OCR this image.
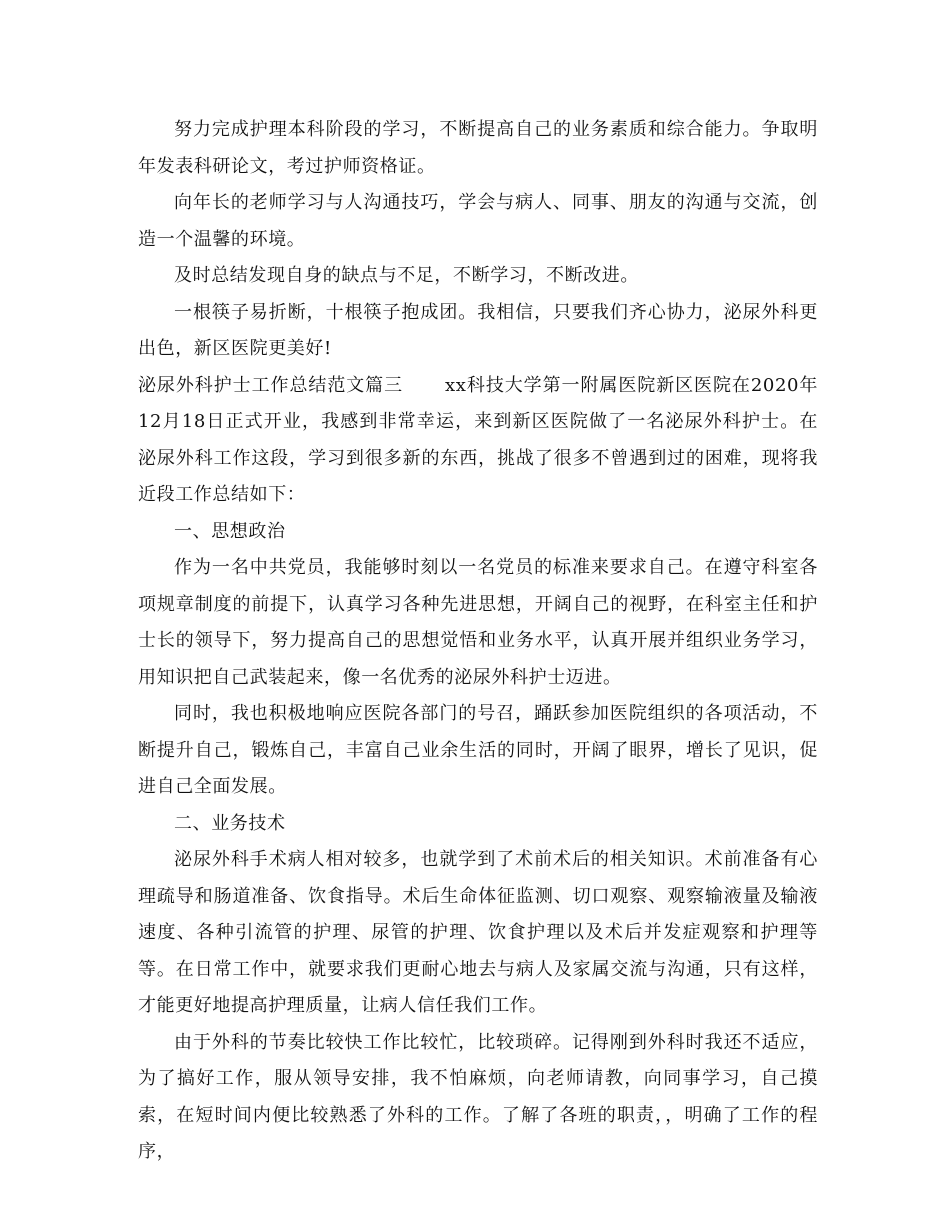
努力完成护理本科阶段的学习，不断提高自己的业务素质和综合能力。争取明年发表科研论文，考过护师资格证。

向年长的老师学习与人沟通技巧，学会与病人、同事、朋友的沟通与交流，创造一个温馨的环境。

及时总结发现自身的缺点与不足，不断学习，不断改进。

一根筷子易折断，十根筷子抱成团。我相信，只要我们齐心协力，泌尿外科更出色，新区医院更美好!

泌尿外科护士工作总结范文篇三 xx科技大学第一附属医院新区医院在2020年12月18日正式开业，我感到非常幸运，来到新区医院做了一名泌尿外科护士。在泌尿外科工作这段，学习到很多新的东西，挑战了很多不曾遇到过的困难，现将我近段工作总结如下：

一、思想政治

作为一名中共党员，我能够时刻以一名党员的标准来要求自己。在遵守科室各项规章制度的前提下，认真学习各种先进思想，开阔自己的视野，在科室主任和护士长的领导下，努力提高自己的思想觉悟和业务水平，认真开展并组织业务学习，用知识把自己武装起来，像一名优秀的泌尿外科护士迈进。

同时，我也积极地响应医院各部门的号召，踊跃参加医院组织的各项活动，不断提升自己，锻炼自己，丰富自己业余生活的同时，开阔了眼界，增长了见识，促进自己全面发展。

二、业务技术

泌尿外科手术病人相对较多，也就学到了术前术后的相关知识。术前准备有心理疏导和肠道准备、饮食指导。术后生命体征监测、切口观察、观察输液量及输液速度、各种引流管的护理、尿管的护理、饮食护理以及术后并发症观察和护理等等。在日常工作中，就要求我们更耐心地去与病人及家属交流与沟通，只有这样，才能更好地提高护理质量，让病人信任我们工作。

由于外科的节奏比较快工作比较忙，比较琐碎。记得刚到外科时我还不适应，为了搞好工作，服从领导安排，我不怕麻烦，向老师请教，向同事学习，自己摸索，在短时间内便比较熟悉了外科的工作。了解了各班的职责，，明确了工作的程序，
